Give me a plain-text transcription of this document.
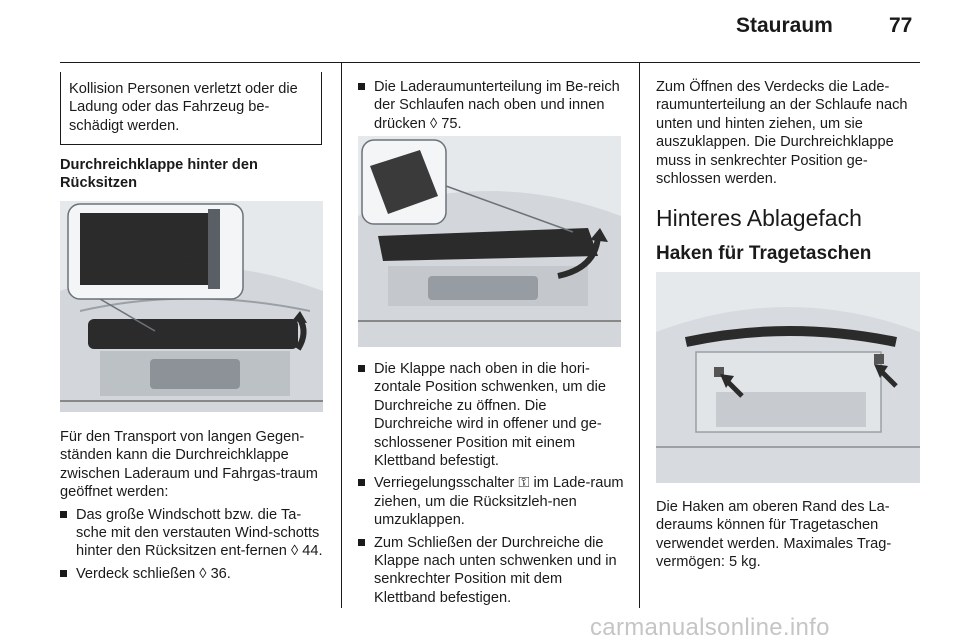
Stauraum	77
Kollision Personen verletzt oder die Ladung oder das Fahrzeug be-schädigt werden.
Durchreichklappe hinter den Rücksitzen

Für den Transport von langen Gegen-ständen kann die Durchreichklappe zwischen Laderaum und Fahrgas-traum geöffnet werden:

Das große Windschott bzw. die Ta-sche mit den verstauten Wind-schotts hinter den Rücksitzen ent-fernen ◊ 44.
Verdeck schließen ◊ 36.
Die Laderaumunterteilung im Be-reich der Schlaufen nach oben und innen drücken ◊ 75.
Die Klappe nach oben in die hori-zontale Position schwenken, um die Durchreiche zu öffnen. Die Durchreiche wird in offener und ge-schlossener Position mit einem Klettband befestigt.
Verriegelungsschalter ⚿ im Lade-raum ziehen, um die Rücksitzleh-nen umzuklappen.
Zum Schließen der Durchreiche die Klappe nach unten schwenken und in senkrechter Position mit dem Klettband befestigen.

Zum Öffnen des Verdecks die Lade-raumunterteilung an der Schlaufe nach unten und hinten ziehen, um sie auszuklappen. Die Durchreichklappe muss in senkrechter Position ge-schlossen werden.

Hinteres Ablagefach
Haken für Tragetaschen

Die Haken am oberen Rand des La-deraums können für Tragetaschen verwendet werden. Maximales Trag-vermögen: 5 kg.

carmanualsonline.info
